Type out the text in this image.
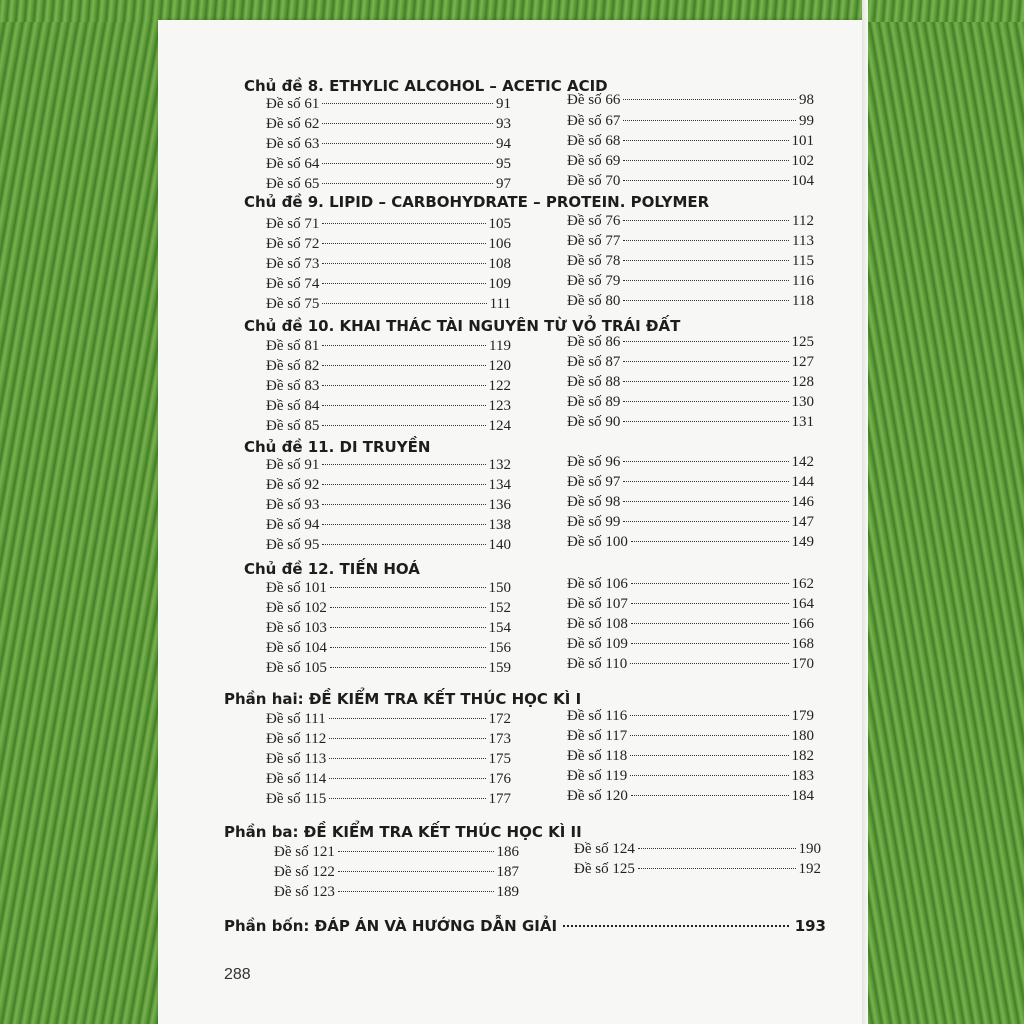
Chủ đề 8. ETHYLIC ALCOHOL – ACETIC ACID
Đề số 61	91
Đề số 62	93
Đề số 63	94
Đề số 64	95
Đề số 65	97
Đề số 66	98
Đề số 67	99
Đề số 68	101
Đề số 69	102
Đề số 70	104
Chủ đề 9. LIPID – CARBOHYDRATE – PROTEIN. POLYMER
Đề số 71	105
Đề số 72	106
Đề số 73	108
Đề số 74	109
Đề số 75	111
Đề số 76	112
Đề số 77	113
Đề số 78	115
Đề số 79	116
Đề số 80	118
Chủ đề 10. KHAI THÁC TÀI NGUYÊN TỪ VỎ TRÁI ĐẤT
Đề số 81	119
Đề số 82	120
Đề số 83	122
Đề số 84	123
Đề số 85	124
Đề số 86	125
Đề số 87	127
Đề số 88	128
Đề số 89	130
Đề số 90	131
Chủ đề 11. DI TRUYỀN
Đề số 91	132
Đề số 92	134
Đề số 93	136
Đề số 94	138
Đề số 95	140
Đề số 96	142
Đề số 97	144
Đề số 98	146
Đề số 99	147
Đề số 100	149
Chủ đề 12. TIẾN HOÁ
Đề số 101	150
Đề số 102	152
Đề số 103	154
Đề số 104	156
Đề số 105	159
Đề số 106	162
Đề số 107	164
Đề số 108	166
Đề số 109	168
Đề số 110	170
Phần hai: ĐỀ KIỂM TRA KẾT THÚC HỌC KÌ I
Đề số 111	172
Đề số 112	173
Đề số 113	175
Đề số 114	176
Đề số 115	177
Đề số 116	179
Đề số 117	180
Đề số 118	182
Đề số 119	183
Đề số 120	184
Phần ba: ĐỀ KIỂM TRA KẾT THÚC HỌC KÌ II
Đề số 121	186
Đề số 122	187
Đề số 123	189
Đề số 124	190
Đề số 125	192
Phần bốn: ĐÁP ÁN VÀ HƯỚNG DẪN GIẢI	193
288
